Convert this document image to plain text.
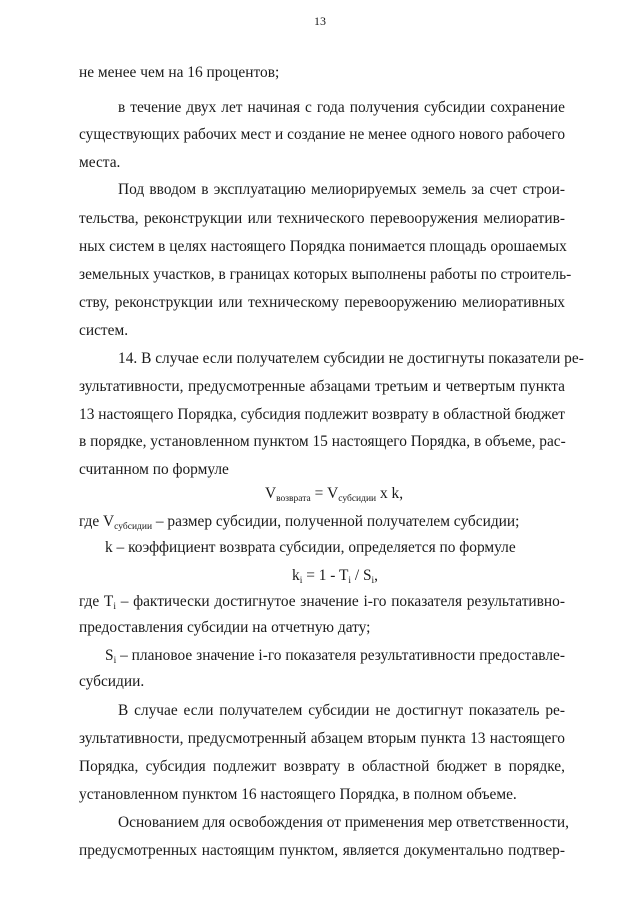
13
не менее чем на 16 процентов;
в течение двух лет начиная с года получения субсидии сохранение
существующих рабочих мест и создание не менее одного нового рабочего
места.
Под вводом в эксплуатацию мелиорируемых земель за счет строи-
тельства, реконструкции или технического перевооружения мелиоратив-
ных систем в целях настоящего Порядка понимается площадь орошаемых
земельных участков, в границах которых выполнены работы по строитель-
ству, реконструкции или техническому перевооружению мелиоративных
систем.
14. В случае если получателем субсидии не достигнуты показатели ре-
зультативности, предусмотренные абзацами третьим и четвертым пункта
13 настоящего Порядка, субсидия подлежит возврату в областной бюджет
в порядке, установленном пунктом 15 настоящего Порядка, в объеме, рас-
считанном по формуле
$V_{возврата} = V_{субсидии}$ x k,
где $V_{субсидии}$ – размер субсидии, полученной получателем субсидии;
k – коэффициент возврата субсидии, определяется по формуле
$k_i = 1 - T_i / S_i$,
где $T_i$ – фактически достигнутое значение i-го показателя результативно-
предоставления субсидии на отчетную дату;
$S_i$ – плановое значение i-го показателя результативности предоставле-
субсидии.
В случае если получателем субсидии не достигнут показатель ре-
зультативности, предусмотренный абзацем вторым пункта 13 настоящего
Порядка, субсидия подлежит возврату в областной бюджет в порядке,
установленном пунктом 16 настоящего Порядка, в полном объеме.
Основанием для освобождения от применения мер ответственности,
предусмотренных настоящим пунктом, является документально подтвер-
